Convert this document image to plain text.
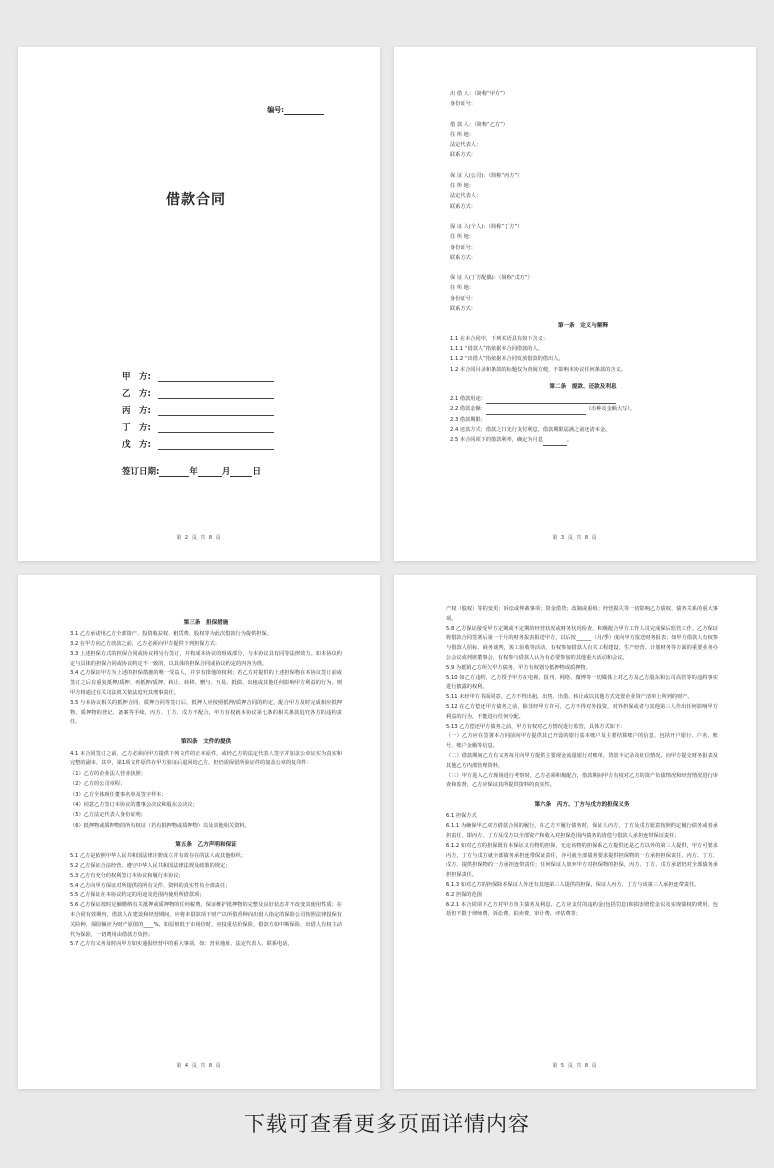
编号:
借款合同
甲　方:
乙　方:
丙　方:
丁　方:
戊　方:
签订日期:	年	月	日
第 2 页 共 8 页
出 借 人：（简称“甲方”）
身份证号：
借 款 人：（简称“乙方”）
住 所 地：
法定代表人：
联系方式：
保 证 人(公司)：（简称“丙方”）
住 所 地：
法定代表人：
联系方式：
保 证 人(个人)：（简称“丁方”）
住 所 地：
身份证号：
联系方式：
保 证 人(丁方配偶)：（简称“戊方”）
住 所 地：
身份证号：
联系方式：
第一条　定义与解释
1.1 在本合同中，下列术语具有如下含义：
1.1.1 “借款人”指依据本合同借款的人。
1.1.2 “出借人”指依据本合同发放借款的借出人。
1.2 本合同目录和条款的标题仅为查阅方便，不影响本协议任何条款的含义。
第二条　提款、还款及利息
2.1 借款用途：
2.2 借款金额：	（币种及金额大写）。
2.3 借款期限：
2.4 还款方式：借款之日先行支付利息，借款期限届满之前还清本金。
2.5 本合同项下的借款利率，确定为月息	。
第 3 页 共 8 页
第三条　担保措施
3.1 乙方承诺用乙方全部资产、投资收益权、租赁费、股权等为此次借款行为提供担保。
3.2 在甲方向乙方放款之前，乙方必须向甲方提供下列担保方式：
3.3 上述担保方式的担保合同或协议将另行签订，并构成本协议的组成部分，与本协议具有同等法律效力。如本协议约定与具体的担保合同或协议约定不一致的，以具体的担保合同或协议约定的内容为准。
3.4 乙方保证甲方为上述的担保措施的唯一受益人，并享有排他的权利；若乙方对提供的上述担保物在本协议签订前或签订之后有重复抵押/质押、再抵押/质押、转让、转移、赠与、互易、抵债、出租或其他任何影响甲方利益的行为，则甲方将通过有关司法机关依法追究其刑事责任。
3.5 与本协议相关的抵押合同、质押合同等签订后，抵押人应按照抵押/质押合同的约定，配合甲方及时完成相应抵押物、质押物的登记、备案等手续，丙方、丁方、戊方不配合，甲方有权就本协议第七条的相关条款追究各方的违约责任。
第四条　文件的提供
4.1 本合同签订之前，乙方必须向甲方提供下列文件的正本原件，或经乙方的法定代表人签字并加盖公章证实为真实和完整的副本，其中，第1项文件原件在甲方验证后退回给乙方，但仍需保留所验证件的加盖公章的复印件：
（1）乙方的企业法人营业执照；
（2）乙方的公司章程；
（3）乙方全体现任董事名单及签字样本；
（4）同意乙方签订本协议的董事会决议和股东会决议；
（5）乙方法定代表人身份证明；
（6）抵押物或质押物的所有权证（若有抵押物或质押物）以及其他相关资料。
第五条　乙方声明和保证
5.1 乙方是依照中华人民共和国法律注册成立并有效存在的法人或其他组织；
5.2 乙方保证合法经营，遵守中华人民共和国法律法规及政策的规定；
5.3 乙方有充分的权利签订本协议和履行本协议；
5.4 乙方向甲方保证对所提供的所有文件、资料的真实性负全部责任；
5.5 乙方保证在本协议约定的用途及范围内使用所借款项；
5.6 乙方保证按时足额缴纳有关抵押或质押物的任何税费，保证维护抵押物的完整及良好状态并不改变其使用性质；在本合同有效期内，借款人在建设和经营期间，应将本借款项下财产以所借香种向出借人指定的保险公司按照法律投保有关险种，保险额应为财产原值的____%，如原值低于市场价时，应投重估价保险。借款方如中断保险，出借人有权主动代为保险，一切费用由借款方负担；
5.7 乙方有义务及时向甲方如实通报经营中的重大事项，如：营业地址、法定代表人、联系电话、
第 4 页 共 8 页
产权（股权）等的变更；诉讼或仲裁事项；资金借贷；改制或重组；经营损失等一切影响乙方债权、债务关系的重大事项。
5.8 乙方保证接受甲方定期或不定期的经营状况或财务状况检查，积极配合甲方工作人员完成保后监管工作。乙方保证将借款合同签署后第一个月的财务报表报送甲方，以后按______（月/季）度向甲方报送财务报表；如甲方借款人有权参与借款人招标、商务谈判，竣工验收等活动，有权参加借款人有关工程建设、生产经营、计划财务等方面的重要业务办公会议或列席董事会，有权参与借款人认为有必要参加的其他重大活动和会议。
5.9 为抵销乙方所欠甲方债务，甲方有权划分抵押物或质押物。
5.10 如乙方违约，乙方授予甲方在电视、报刊、网络、微博等一切媒体上对乙方及乙方股东和公司高管等的违约事实进行披露的权利。
5.11 未经甲方书面同意，乙方不得出租、出售、出借、转让或以其他方式处置企业资产清单上所列的财产。
5.12 在乙方偿还甲方债务之前，除非经甲方许可，乙方不得对外投资，对外担保或者与其他第三人作出任何影响甲方利益的行为，不能进行任何分配。
5.13 乙方偿还甲方债务之前，甲方有权对乙方情况进行监管，具体方式如下：
（一）乙方应在签署本合同前向甲方提供其已开设的银行基本账户及主要结算账户的信息，包括开户银行、户名、账号、账户金额等信息。
（二）借款期间乙方有义务每月向甲方提供主要现金流量银行对账单，贷款卡记录及征信情况，向甲方提交财务报表及其他乙方内部管理资料。
（三）甲方进入乙方现场进行考察时，乙方必须积极配合，借款期间甲方有权对乙方的资产负债情况和经营情况进行审查和监督，乙方应保证其所提供资料的真实性。
第六条　丙方、丁方与戊方的担保义务
6.1 担保方式
6.1.1 为确保甲乙双方借款合同的履行，在乙方不履行债务时，保证人丙方、丁方及戊方愿意按照约定履行债务或者承担责任，即丙方、丁方及戊方以全部资产和收入对担保范围内债务的清偿与借款人承担连带保证责任；
6.1.2 如对乙方的担保既有本保证又有物的担保，无论该物的担保系乙方提供还是乙方以外的第三人提供，甲方可要求丙方、丁方与戊方就全部债务承担连带保证责任，亦可就全部债务要求提供担保物的一方承担担保责任，丙方、丁方、戊方、提供担保物的一方承担连带责任；任何保证人放弃甲方对担保物的担保，丙方、丁方、戊方承诺仍对全部债务承担担保责任。
6.1.3 如对乙方的担保除本保证人外还有其他第三人提供的担保，保证人丙方、丁方与该第三人承担连带责任。
6.2 担保的范围
6.2.1 本合同项下乙方对甲方负主债务及利息、乙方应支付的违约金(包括罚息)和损害赔偿金以及实现债权的费用，包括但不限于律师费、诉讼费、拍卖费、审计费、评估费等；
第 5 页 共 8 页
下载可查看更多页面详情内容
